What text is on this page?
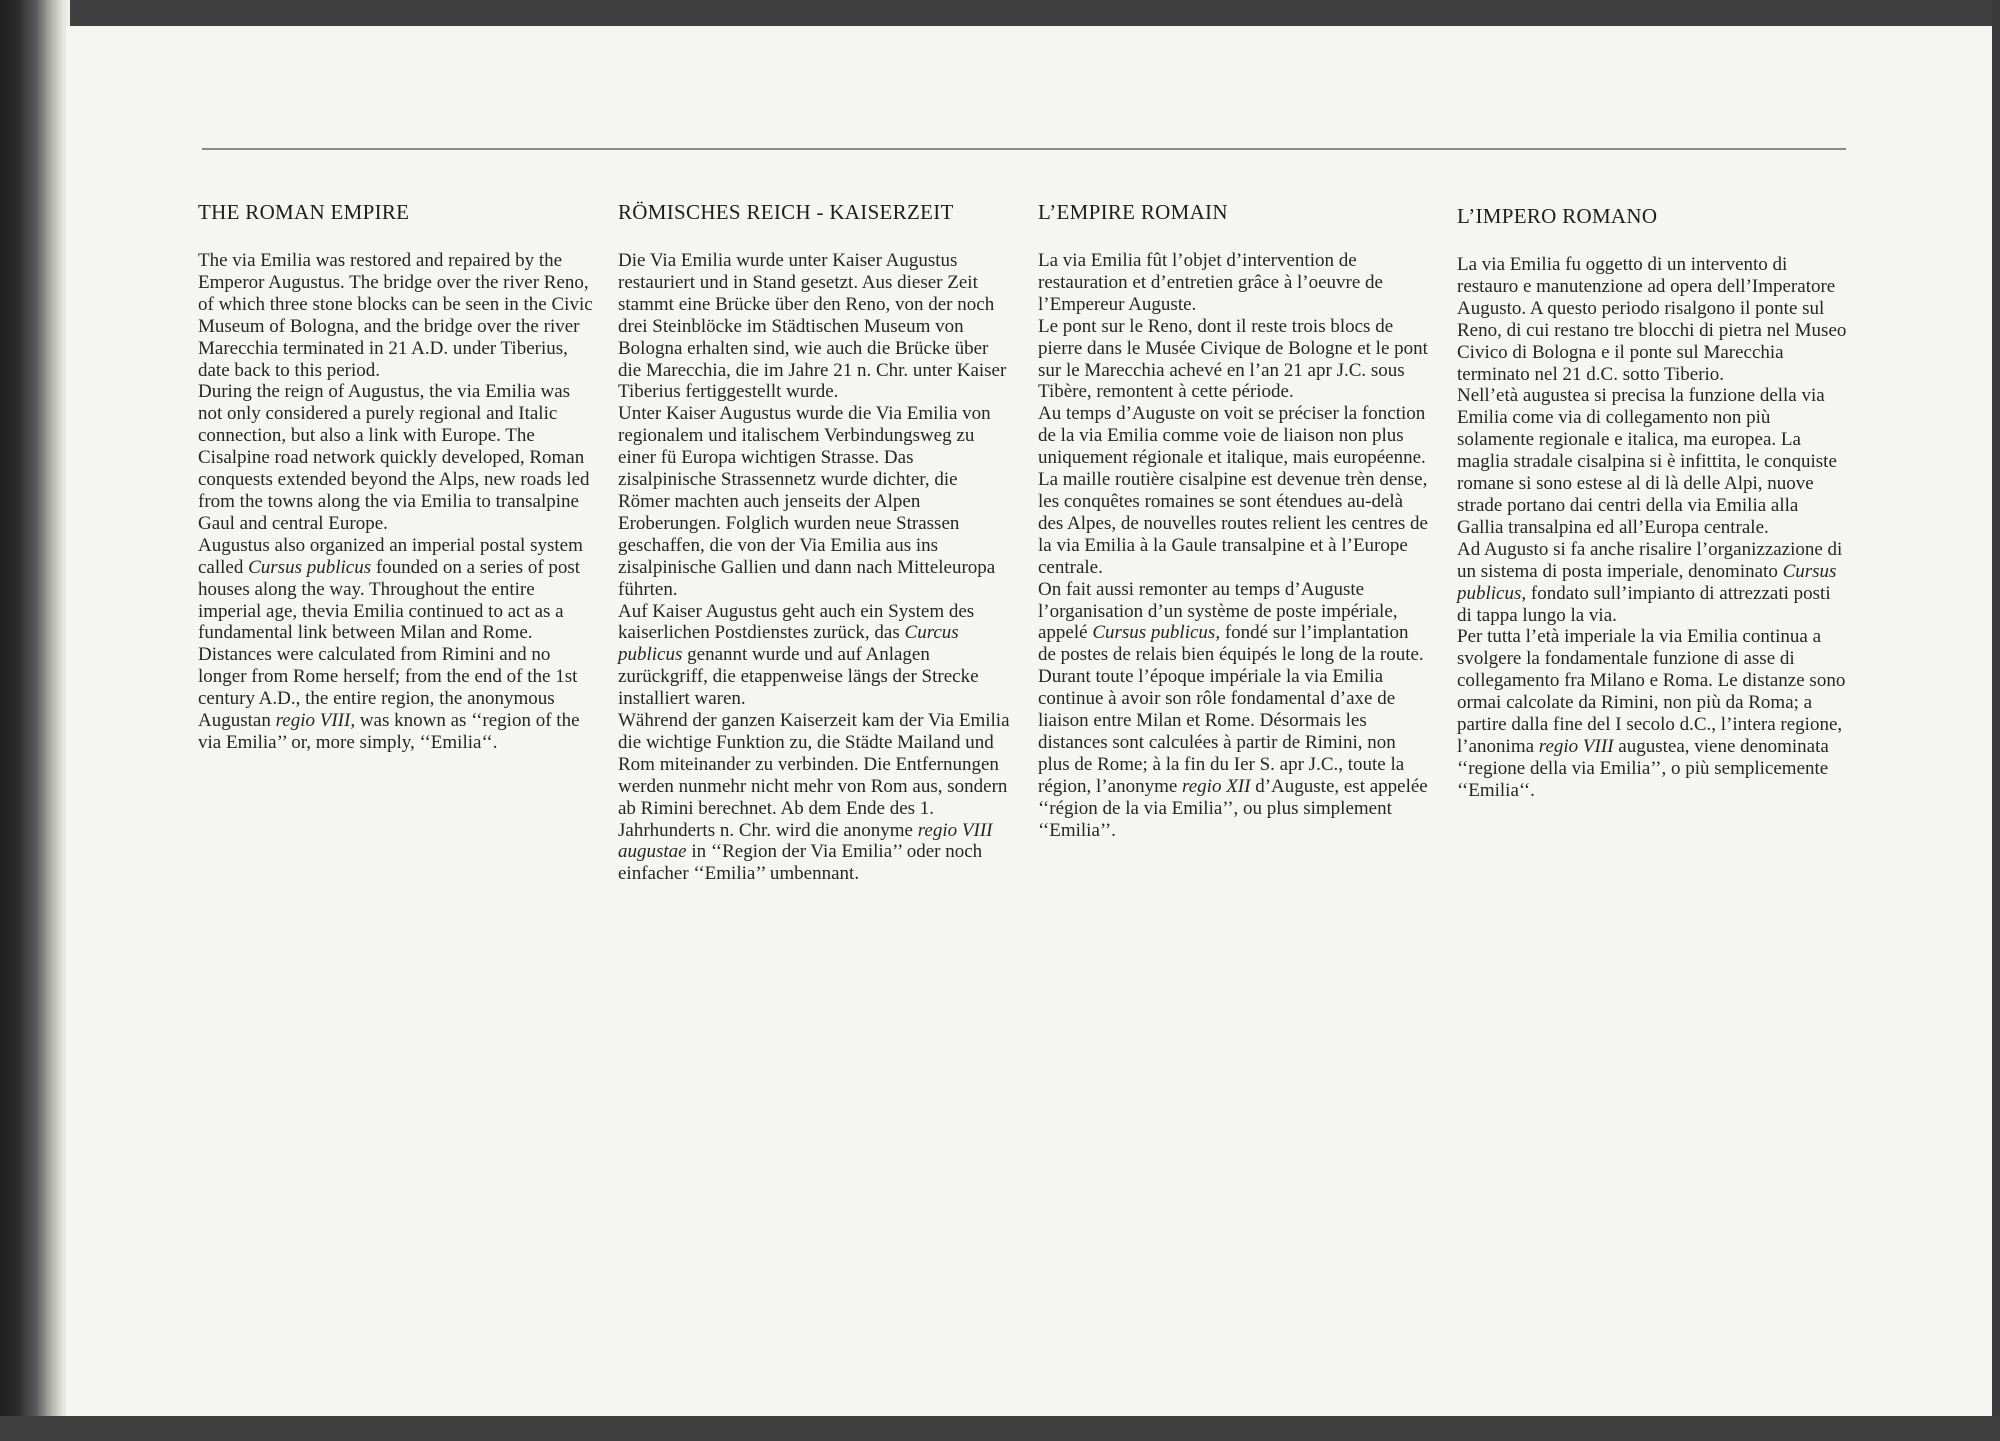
THE ROMAN EMPIRE

The via Emilia was restored and repaired by the Emperor Augustus. The bridge over the river Reno, of which three stone blocks can be seen in the Civic Museum of Bologna, and the bridge over the river Marecchia terminated in 21 A.D. under Tiberius, date back to this period.

During the reign of Augustus, the via Emilia was not only considered a purely regional and Italic connection, but also a link with Europe. The Cisalpine road network quickly developed, Roman conquests extended beyond the Alps, new roads led from the towns along the via Emilia to transalpine Gaul and central Europe.

Augustus also organized an imperial postal system called Cursus publicus founded on a series of post houses along the way. Throughout the entire imperial age, thevia Emilia continued to act as a fundamental link between Milan and Rome. Distances were calculated from Rimini and no longer from Rome herself; from the end of the 1st century A.D., the entire region, the anonymous Augustan regio VIII, was known as ‘‘region of the via Emilia’’ or, more simply, ‘‘Emilia‘‘.

RÖMISCHES REICH - KAISERZEIT

Die Via Emilia wurde unter Kaiser Augustus restauriert und in Stand gesetzt. Aus dieser Zeit stammt eine Brücke über den Reno, von der noch drei Steinblöcke im Städtischen Museum von Bologna erhalten sind, wie auch die Brücke über die Marecchia, die im Jahre 21 n. Chr. unter Kaiser Tiberius fertiggestellt wurde.

Unter Kaiser Augustus wurde die Via Emilia von regionalem und italischem Verbindungsweg zu einer fü Europa wichtigen Strasse. Das zisalpinische Strassennetz wurde dichter, die Römer machten auch jenseits der Alpen Eroberungen. Folglich wurden neue Strassen geschaffen, die von der Via Emilia aus ins zisalpinische Gallien und dann nach Mitteleuropa führten.

Auf Kaiser Augustus geht auch ein System des kaiserlichen Postdienstes zurück, das Curcus publicus genannt wurde und auf Anlagen zurückgriff, die etappenweise längs der Strecke installiert waren.

Während der ganzen Kaiserzeit kam der Via Emilia die wichtige Funktion zu, die Städte Mailand und Rom miteinander zu verbinden. Die Entfernungen werden nunmehr nicht mehr von Rom aus, sondern ab Rimini berechnet. Ab dem Ende des 1. Jahrhunderts n. Chr. wird die anonyme regio VIII augustae in ‘‘Region der Via Emilia’’ oder noch einfacher ‘‘Emilia’’ umbennant.

L’EMPIRE ROMAIN

La via Emilia fût l’objet d’intervention de restauration et d’entretien grâce à l’oeuvre de l’Empereur Auguste.

Le pont sur le Reno, dont il reste trois blocs de pierre dans le Musée Civique de Bologne et le pont sur le Marecchia achevé en l’an 21 apr J.C. sous Tibère, remontent à cette période.

Au temps d’Auguste on voit se préciser la fonction de la via Emilia comme voie de liaison non plus uniquement régionale et italique, mais européenne. La maille routière cisalpine est devenue trèn dense, les conquêtes romaines se sont étendues au-delà des Alpes, de nouvelles routes relient les centres de la via Emilia à la Gaule transalpine et à l’Europe centrale.

On fait aussi remonter au temps d’Auguste l’organisation d’un système de poste impériale, appelé Cursus publicus, fondé sur l’implantation de postes de relais bien équipés le long de la route.

Durant toute l’époque impériale la via Emilia continue à avoir son rôle fondamental d’axe de liaison entre Milan et Rome. Désormais les distances sont calculées à partir de Rimini, non plus de Rome; à la fin du Ier S. apr J.C., toute la région, l’anonyme regio XII d’Auguste, est appelée ‘‘région de la via Emilia’’, ou plus simplement ‘‘Emilia’’.

L’IMPERO ROMANO

La via Emilia fu oggetto di un intervento di restauro e manutenzione ad opera dell’Imperatore Augusto. A questo periodo risalgono il ponte sul Reno, di cui restano tre blocchi di pietra nel Museo Civico di Bologna e il ponte sul Marecchia terminato nel 21 d.C. sotto Tiberio.

Nell’età augustea si precisa la funzione della via Emilia come via di collegamento non più solamente regionale e italica, ma europea. La maglia stradale cisalpina si è infittita, le conquiste romane si sono estese al di là delle Alpi, nuove strade portano dai centri della via Emilia alla Gallia transalpina ed all’Europa centrale.

Ad Augusto si fa anche risalire l’organizzazione di un sistema di posta imperiale, denominato Cursus publicus, fondato sull’impianto di attrezzati posti di tappa lungo la via.

Per tutta l’età imperiale la via Emilia continua a svolgere la fondamentale funzione di asse di collegamento fra Milano e Roma. Le distanze sono ormai calcolate da Rimini, non più da Roma; a partire dalla fine del I secolo d.C., l’intera regione, l’anonima regio VIII augustea, viene denominata ‘‘regione della via Emilia’’, o più semplicemente ‘‘Emilia‘‘.
